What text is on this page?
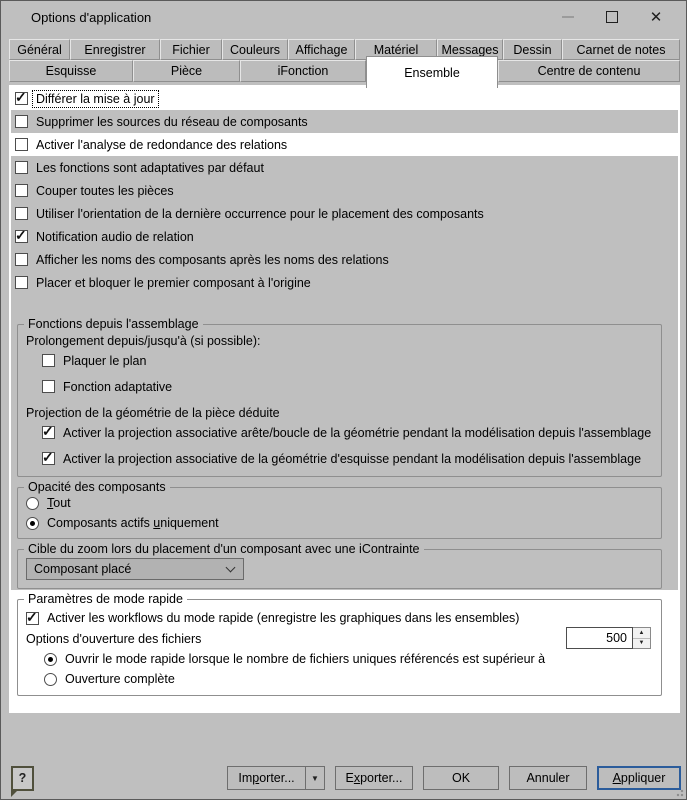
Options d'application	✕
Général Enregistrer Fichier Couleurs Affichage Matériel Messages Dessin Carnet de notes
Esquisse	Pièce	iFonction	Ensemble	Centre de contenu
✓ Différer la mise à jour
Supprimer les sources du réseau de composants
Activer l'analyse de redondance des relations
Les fonctions sont adaptatives par défaut
Couper toutes les pièces
Utiliser l'orientation de la dernière occurrence pour le placement des composants
✓ Notification audio de relation
Afficher les noms des composants après les noms des relations
Placer et bloquer le premier composant à l'origine
Fonctions depuis l'assemblage
Prolongement depuis/jusqu'à (si possible):
Plaquer le plan
Fonction adaptative
Projection de la géométrie de la pièce déduite
✓ Activer la projection associative arête/boucle de la géométrie pendant la modélisation depuis l'assemblage
✓ Activer la projection associative de la géométrie d'esquisse pendant la modélisation depuis l'assemblage
Opacité des composants
Tout
Composants actifs uniquement
Cible du zoom lors du placement d'un composant avec une iContrainte
Composant placé
Paramètres de mode rapide
✓ Activer les workflows du mode rapide (enregistre les graphiques dans les ensembles)
Options d'ouverture des fichiers
Ouvrir le mode rapide lorsque le nombre de fichiers uniques référencés est supérieur à
Ouverture complète
500	▲
▼
?	Importer... ▼ Exporter...	OK	Annuler	Appliquer
